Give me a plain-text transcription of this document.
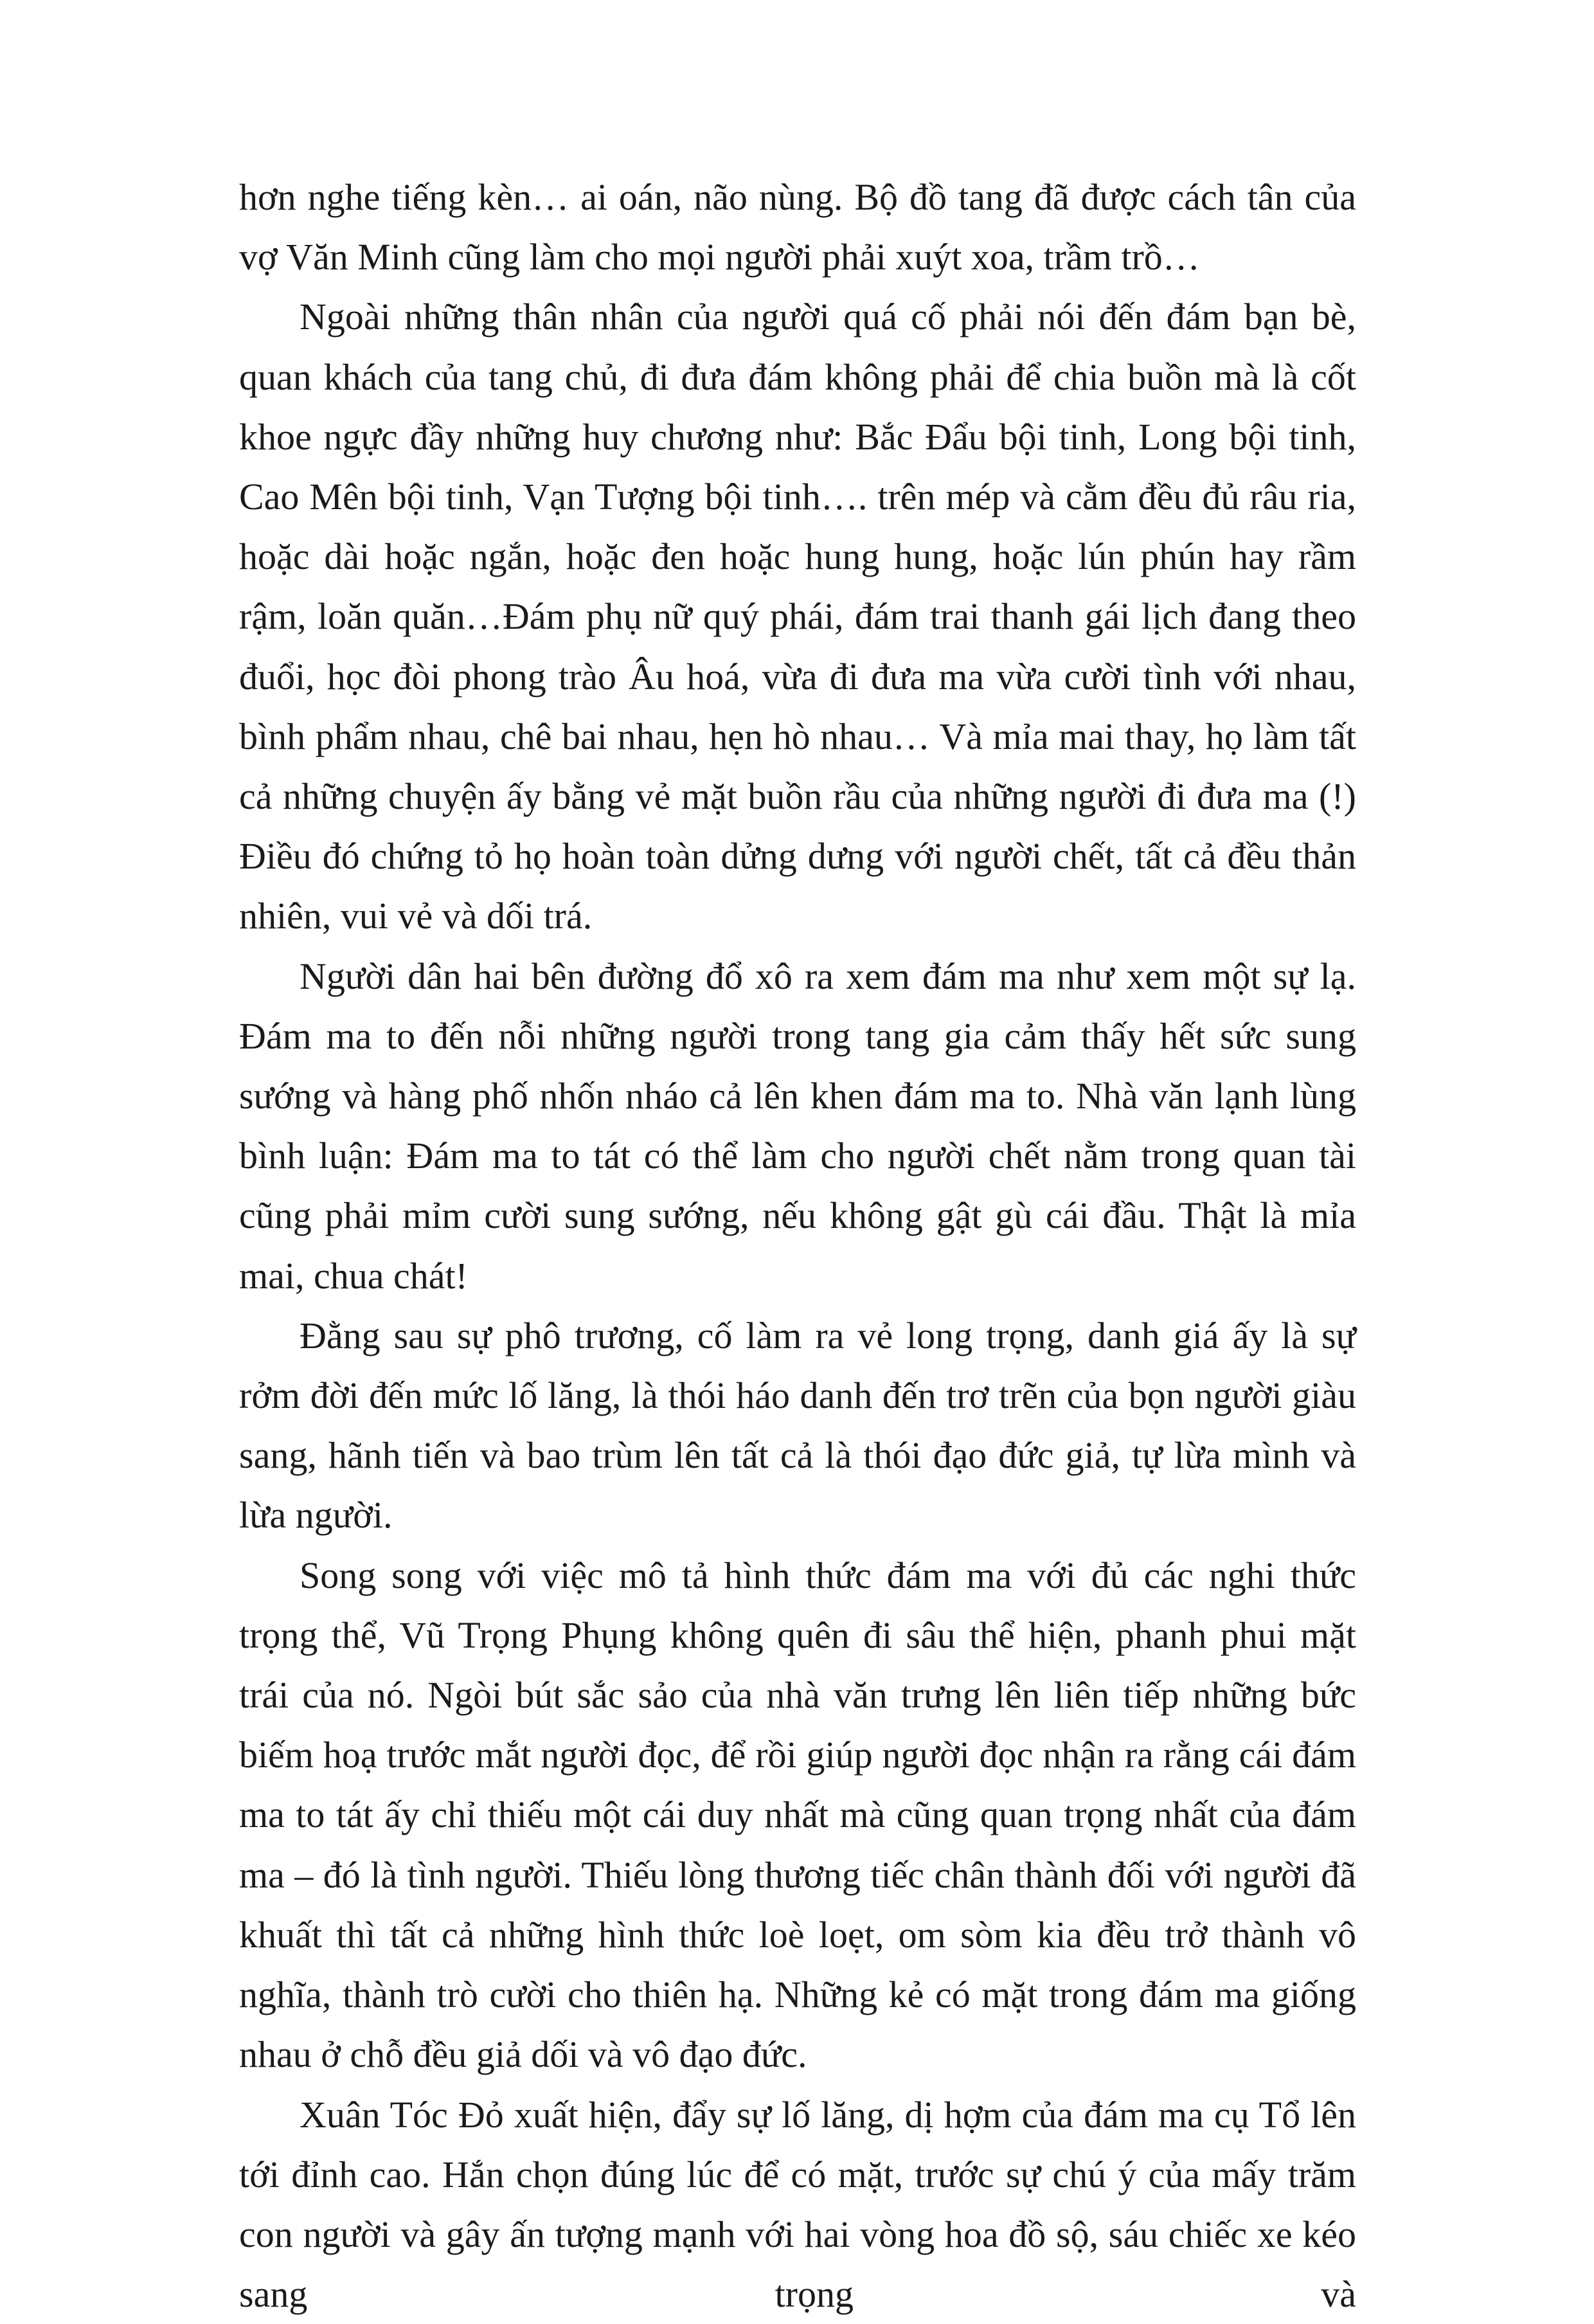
hơn nghe tiếng kèn… ai oán, não nùng. Bộ đồ tang đã được cách tân của vợ Văn Minh cũng làm cho mọi người phải xuýt xoa, trầm trồ…

Ngoài những thân nhân của người quá cố phải nói đến đám bạn bè, quan khách của tang chủ, đi đưa đám không phải để chia buồn mà là cốt khoe ngực đầy những huy chương như: Bắc Đẩu bội tinh, Long bội tinh, Cao Mên bội tinh, Vạn Tượng bội tinh…. trên mép và cằm đều đủ râu ria, hoặc dài hoặc ngắn, hoặc đen hoặc hung hung, hoặc lún phún hay rầm rậm, loăn quăn…Đám phụ nữ quý phái, đám trai thanh gái lịch đang theo đuổi, học đòi phong trào Âu hoá, vừa đi đưa ma vừa cười tình với nhau, bình phẩm nhau, chê bai nhau, hẹn hò nhau… Và mỉa mai thay, họ làm tất cả những chuyện ấy bằng vẻ mặt buồn rầu của những người đi đưa ma (!) Điều đó chứng tỏ họ hoàn toàn dửng dưng với người chết, tất cả đều thản nhiên, vui vẻ và dối trá.

Người dân hai bên đường đổ xô ra xem đám ma như xem một sự lạ. Đám ma to đến nỗi những người trong tang gia cảm thấy hết sức sung sướng và hàng phố nhốn nháo cả lên khen đám ma to. Nhà văn lạnh lùng bình luận: Đám ma to tát có thể làm cho người chết nằm trong quan tài cũng phải mỉm cười sung sướng, nếu không gật gù cái đầu. Thật là mỉa mai, chua chát!

Đằng sau sự phô trương, cố làm ra vẻ long trọng, danh giá ấy là sự rởm đời đến mức lố lăng, là thói háo danh đến trơ trẽn của bọn người giàu sang, hãnh tiến và bao trùm lên tất cả là thói đạo đức giả, tự lừa mình và lừa người.

Song song với việc mô tả hình thức đám ma với đủ các nghi thức trọng thể, Vũ Trọng Phụng không quên đi sâu thể hiện, phanh phui mặt trái của nó. Ngòi bút sắc sảo của nhà văn trưng lên liên tiếp những bức biếm hoạ trước mắt người đọc, để rồi giúp người đọc nhận ra rằng cái đám ma to tát ấy chỉ thiếu một cái duy nhất mà cũng quan trọng nhất của đám ma – đó là tình người. Thiếu lòng thương tiếc chân thành đối với người đã khuất thì tất cả những hình thức loè loẹt, om sòm kia đều trở thành vô nghĩa, thành trò cười cho thiên hạ. Những kẻ có mặt trong đám ma giống nhau ở chỗ đều giả dối và vô đạo đức.

Xuân Tóc Đỏ xuất hiện, đẩy sự lố lăng, dị hợm của đám ma cụ Tổ lên tới đỉnh cao. Hắn chọn đúng lúc để có mặt, trước sự chú ý của mấy trăm con người và gây ấn tượng mạnh với hai vòng hoa đồ sộ, sáu chiếc xe kéo sang trọng và
